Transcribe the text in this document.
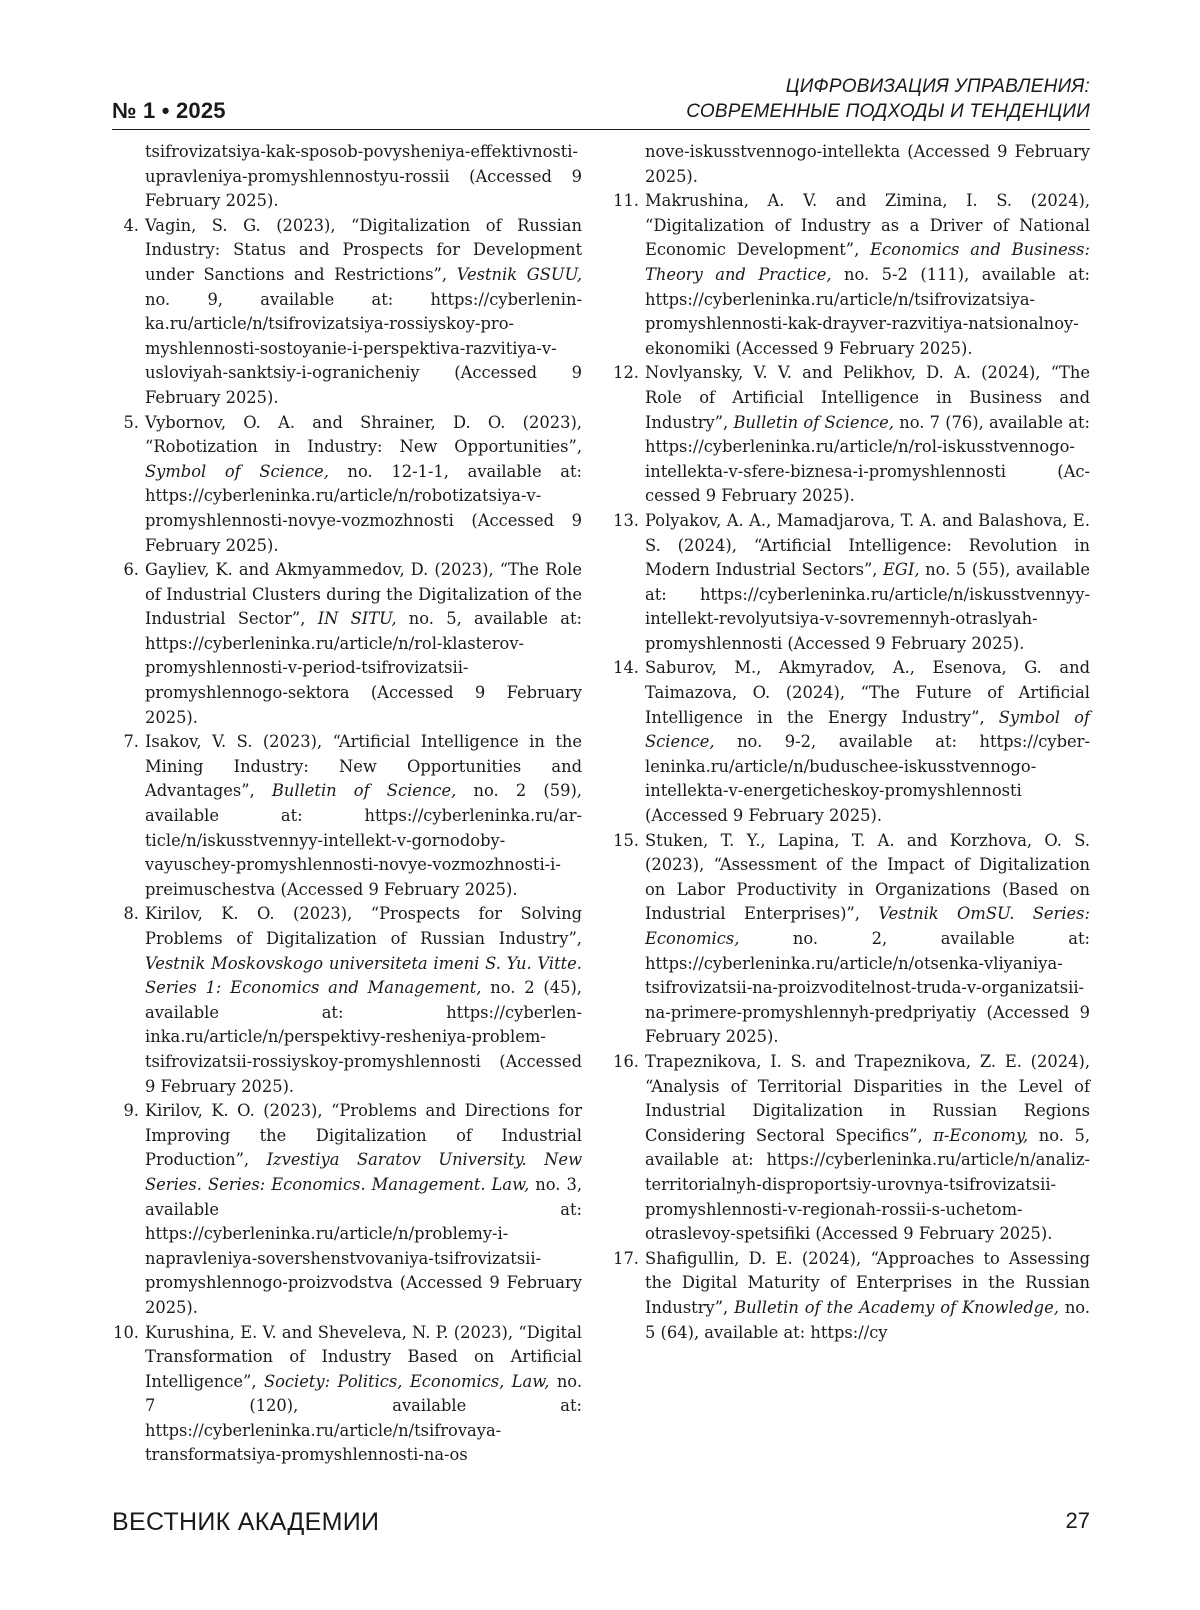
№ 1 • 2025
ЦИФРОВИЗАЦИЯ УПРАВЛЕНИЯ:
СОВРЕМЕННЫЕ ПОДХОДЫ И ТЕНДЕНЦИИ
tsifrovizatsiya-kak-sposob-povysheniya-effektivnosti-upravleniya-promyshlennostyu-rossii (Accessed 9 February 2025).
4. Vagin, S. G. (2023), “Digitalization of Russian Industry: Status and Prospects for Development under Sanctions and Restrictions”, Vestnik GSUU, no. 9, available at: https://cyberleninka.ru/article/n/tsifrovizatsiya-rossiyskoy-promyshlennosti-sostoyanie-i-perspektiva-razvitiya-v-usloviyah-sanktsiy-i-ogranicheniy (Accessed 9 February 2025).
5. Vybornov, O. A. and Shrainer, D. O. (2023), “Robotization in Industry: New Opportunities”, Symbol of Science, no. 12-1-1, available at: https://cyberleninka.ru/article/n/robotizatsiya-v-promyshlennosti-novye-vozmozhnosti (Accessed 9 February 2025).
6. Gayliev, K. and Akmyammedov, D. (2023), “The Role of Industrial Clusters during the Digitalization of the Industrial Sector”, IN SITU, no. 5, available at: https://cyberleninka.ru/article/n/rol-klasterov-promyshlennosti-v-period-tsifrovizatsii-promyshlennogo-sektora (Accessed 9 February 2025).
7. Isakov, V. S. (2023), “Artificial Intelligence in the Mining Industry: New Opportunities and Advantages”, Bulletin of Science, no. 2 (59), available at: https://cyberleninka.ru/article/n/iskusstvennyy-intellekt-v-gornodobyvayuschey-promyshlennosti-novye-vozmozhnosti-i-preimuschestva (Accessed 9 February 2025).
8. Kirilov, K. O. (2023), “Prospects for Solving Problems of Digitalization of Russian Industry”, Vestnik Moskovskogo universiteta imeni S. Yu. Vitte. Series 1: Economics and Management, no. 2 (45), available at: https://cyberleninka.ru/article/n/perspektivy-resheniya-problem-tsifrovizatsii-rossiyskoy-promyshlennosti (Accessed 9 February 2025).
9. Kirilov, K. O. (2023), “Problems and Directions for Improving the Digitalization of Industrial Production”, Izvestiya Saratov University. New Series. Series: Economics. Management. Law, no. 3, available at: https://cyberleninka.ru/article/n/problemy-i-napravleniya-sovershenstvovaniya-tsifrovizatsii-promyshlennogo-proizvodstva (Accessed 9 February 2025).
10. Kurushina, E. V. and Sheveleva, N. P. (2023), “Digital Transformation of Industry Based on Artificial Intelligence”, Society: Politics, Economics, Law, no. 7 (120), available at: https://cyberleninka.ru/article/n/tsifrovaya-transformatsiya-promyshlennosti-na-os
nove-iskusstvennogo-intellekta (Accessed 9 February 2025).
11. Makrushina, A. V. and Zimina, I. S. (2024), “Digitalization of Industry as a Driver of National Economic Development”, Economics and Business: Theory and Practice, no. 5-2 (111), available at: https://cyberleninka.ru/article/n/tsifrovizatsiya-promyshlennosti-kak-drayver-razvitiya-natsionalnoy-ekonomiki (Accessed 9 February 2025).
12. Novlyansky, V. V. and Pelikhov, D. A. (2024), “The Role of Artificial Intelligence in Business and Industry”, Bulletin of Science, no. 7 (76), available at: https://cyberleninka.ru/article/n/rol-iskusstvennogo-intellekta-v-sfere-biznesa-i-promyshlennosti (Accessed 9 February 2025).
13. Polyakov, A. A., Mamadjarova, T. A. and Balashova, E. S. (2024), “Artificial Intelligence: Revolution in Modern Industrial Sectors”, EGI, no. 5 (55), available at: https://cyberleninka.ru/article/n/iskusstvennyy-intellekt-revolyutsiya-v-sovremennyh-otraslyah-promyshlennosti (Accessed 9 February 2025).
14. Saburov, M., Akmyradov, A., Esenova, G. and Taimazova, O. (2024), “The Future of Artificial Intelligence in the Energy Industry”, Symbol of Science, no. 9-2, available at: https://cyberleninka.ru/article/n/buduschee-iskusstvennogo-intellekta-v-energeticheskoy-promyshlennosti (Accessed 9 February 2025).
15. Stuken, T. Y., Lapina, T. A. and Korzhova, O. S. (2023), “Assessment of the Impact of Digitalization on Labor Productivity in Organizations (Based on Industrial Enterprises)”, Vestnik OmSU. Series: Economics, no. 2, available at: https://cyberleninka.ru/article/n/otsenka-vliyaniya-tsifrovizatsii-na-proizvoditelnost-truda-v-organizatsii-na-primere-promyshlennyh-predpriyatiy (Accessed 9 February 2025).
16. Trapeznikova, I. S. and Trapeznikova, Z. E. (2024), “Analysis of Territorial Disparities in the Level of Industrial Digitalization in Russian Regions Considering Sectoral Specifics”, π-Economy, no. 5, available at: https://cyberleninka.ru/article/n/analiz-territorialnyh-disproportsiy-urovnya-tsifrovizatsii-promyshlennosti-v-regionah-rossii-s-uchetom-otraslevoy-spetsifiki (Accessed 9 February 2025).
17. Shafigullin, D. E. (2024), “Approaches to Assessing the Digital Maturity of Enterprises in the Russian Industry”, Bulletin of the Academy of Knowledge, no. 5 (64), available at: https://cy
ВЕСТНИК АКАДЕМИИ	27
